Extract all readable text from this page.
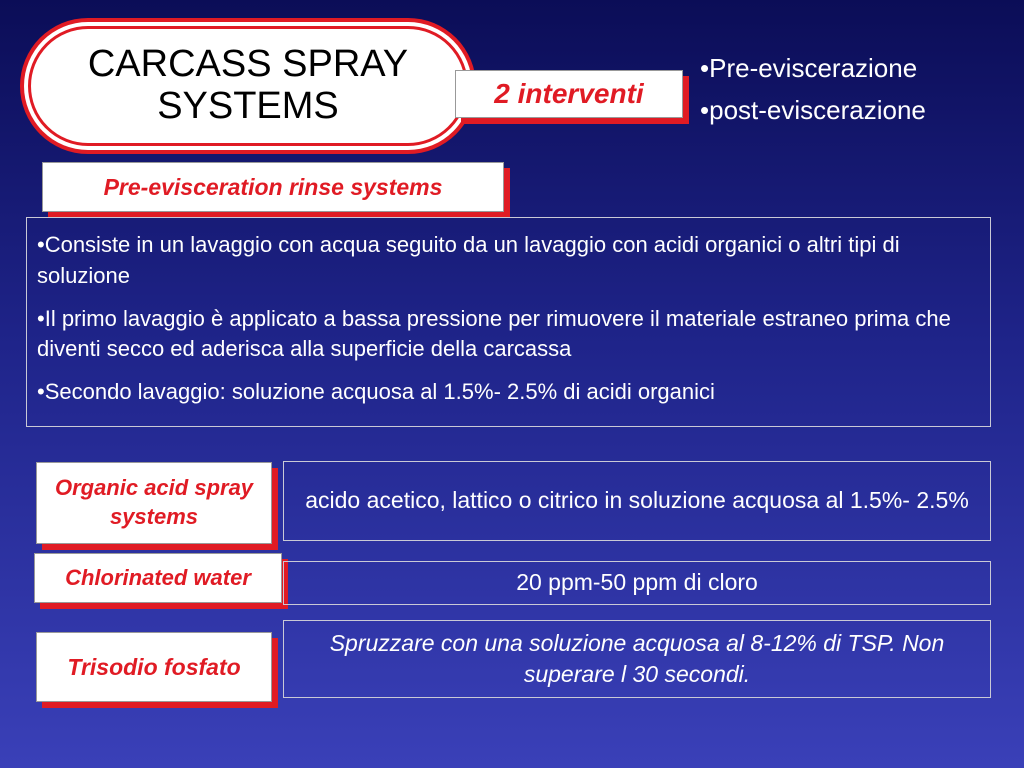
CARCASS SPRAY
SYSTEMS	2 interventi
•Pre-eviscerazione
•post-eviscerazione
Pre-evisceration rinse systems

•Consiste in un lavaggio con acqua seguito da un lavaggio con acidi organici o altri tipi di soluzione

•Il primo lavaggio è applicato a bassa pressione per rimuovere il materiale estraneo prima che diventi secco ed aderisca alla superficie della carcassa

•Secondo lavaggio: soluzione acquosa al 1.5%- 2.5% di acidi organici

Organic acid spray systems
acido acetico, lattico o citrico in soluzione acquosa al 1.5%- 2.5%
Chlorinated water	20 ppm-50 ppm di cloro
Trisodio fosfato
Spruzzare con una soluzione acquosa al 8-12% di TSP. Non superare l 30 secondi.
